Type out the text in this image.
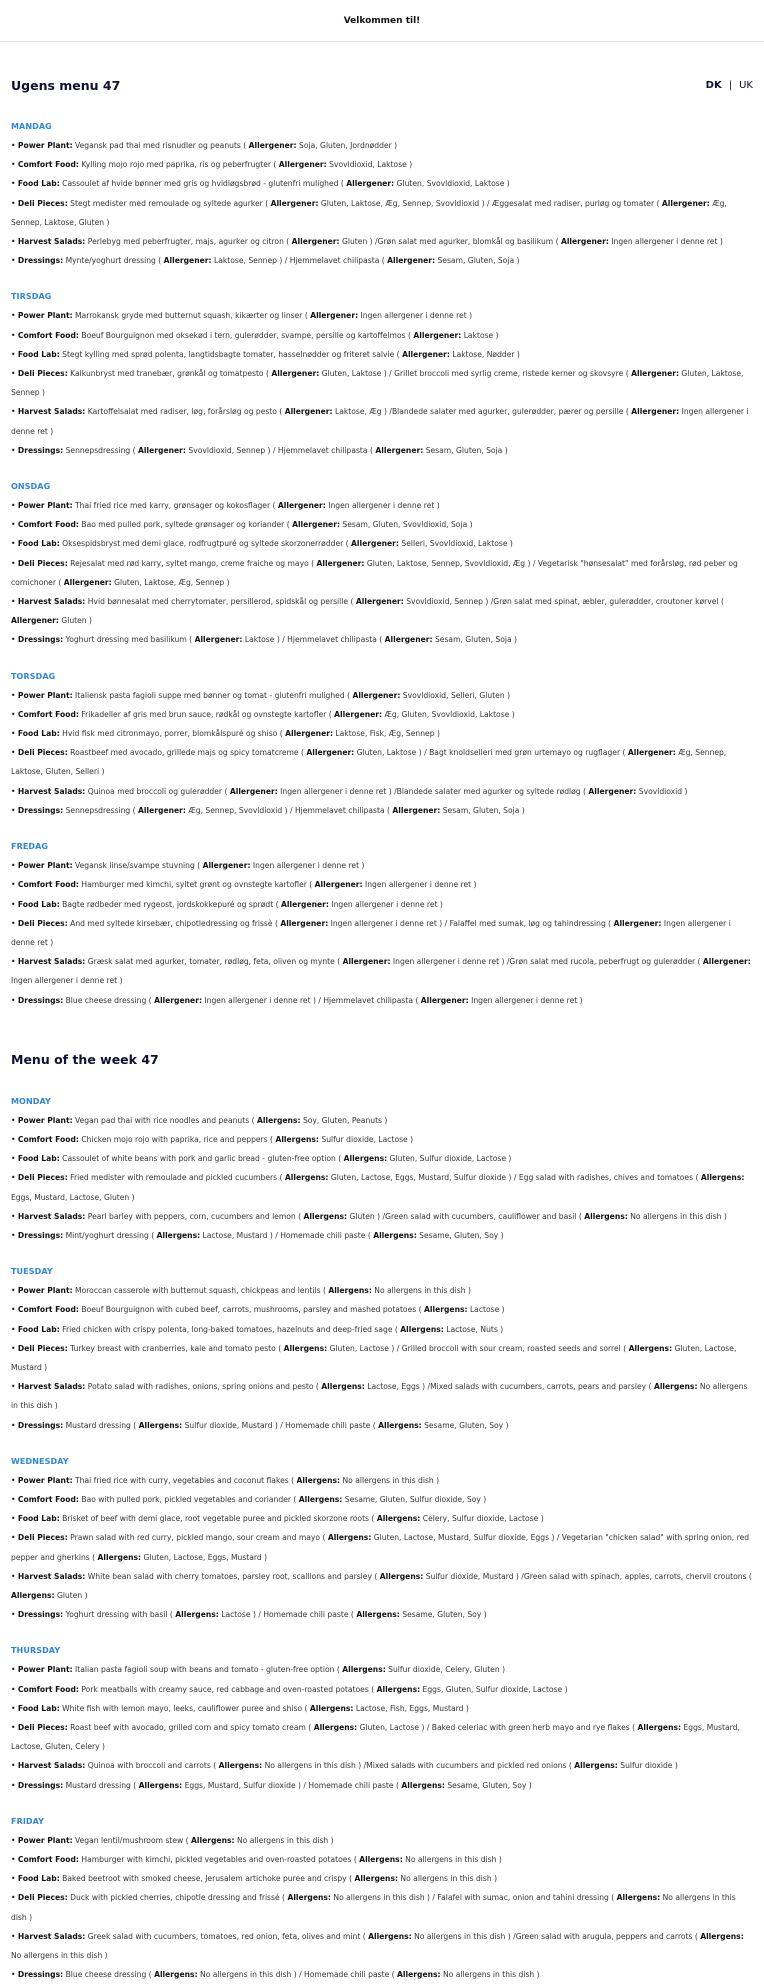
Velkommen til!
Ugens menu 47	DK | UK
MANDAG
• Power Plant: Vegansk pad thai med risnudler og peanuts ( Allergener: Soja, Gluten, Jordnødder )
• Comfort Food: Kylling mojo rojo med paprika, ris og peberfrugter ( Allergener: Svovldioxid, Laktose )
• Food Lab: Cassoulet af hvide bønner med gris og hvidløgsbrød - glutenfri mulighed ( Allergener: Gluten, Svovldioxid, Laktose )
• Deli Pieces: Stegt medister med remoulade og syltede agurker ( Allergener: Gluten, Laktose, Æg, Sennep, Svovldioxid ) / Æggesalat med radiser, purløg og tomater ( Allergener: Æg, Sennep, Laktose, Gluten )
• Harvest Salads: Perlebyg med peberfrugter, majs, agurker og citron ( Allergener: Gluten ) /Grøn salat med agurker, blomkål og basilikum ( Allergener: Ingen allergener i denne ret )
• Dressings: Mynte/yoghurt dressing ( Allergener: Laktose, Sennep ) / Hjemmelavet chilipasta ( Allergener: Sesam, Gluten, Soja )
TIRSDAG
• Power Plant: Marrokansk gryde med butternut squash, kikærter og linser ( Allergener: Ingen allergener i denne ret )
• Comfort Food: Boeuf Bourguignon med oksekød i tern, gulerødder, svampe, persille og kartoffelmos ( Allergener: Laktose )
• Food Lab: Stegt kylling med sprød polenta, langtidsbagte tomater, hasselnødder og friteret salvie ( Allergener: Laktose, Nødder )
• Deli Pieces: Kalkunbryst med tranebær, grønkål og tomatpesto ( Allergener: Gluten, Laktose ) / Grillet broccoli med syrlig creme, ristede kerner og skovsyre ( Allergener: Gluten, Laktose, Sennep )
• Harvest Salads: Kartoffelsalat med radiser, løg, forårsløg og pesto ( Allergener: Laktose, Æg ) /Blandede salater med agurker, gulerødder, pærer og persille ( Allergener: Ingen allergener i denne ret )
• Dressings: Sennepsdressing ( Allergener: Svovldioxid, Sennep ) / Hjemmelavet chilipasta ( Allergener: Sesam, Gluten, Soja )
ONSDAG
• Power Plant: Thai fried rice med karry, grønsager og kokosflager ( Allergener: Ingen allergener i denne ret )
• Comfort Food: Bao med pulled pork, syltede grønsager og koriander ( Allergener: Sesam, Gluten, Svovldioxid, Soja )
• Food Lab: Oksespidsbryst med demi glace, rodfrugtpuré og syltede skorzonerrødder ( Allergener: Selleri, Svovldioxid, Laktose )
• Deli Pieces: Rejesalat med rød karry, syltet mango, creme fraiche og mayo ( Allergener: Gluten, Laktose, Sennep, Svovldioxid, Æg ) / Vegetarisk "hønsesalat" med forårsløg, rød peber og cornichoner ( Allergener: Gluten, Laktose, Æg, Sennep )
• Harvest Salads: Hvid bønnesalat med cherrytomater, persillerod, spidskål og persille ( Allergener: Svovldioxid, Sennep ) /Grøn salat med spinat, æbler, gulerødder, croutoner kørvel ( Allergener: Gluten )
• Dressings: Yoghurt dressing med basilikum ( Allergener: Laktose ) / Hjemmelavet chilipasta ( Allergener: Sesam, Gluten, Soja )
TORSDAG
• Power Plant: Italiensk pasta fagioli suppe med bønner og tomat - glutenfri mulighed ( Allergener: Svovldioxid, Selleri, Gluten )
• Comfort Food: Frikadeller af gris med brun sauce, rødkål og ovnstegte kartofler ( Allergener: Æg, Gluten, Svovldioxid, Laktose )
• Food Lab: Hvid fisk med citronmayo, porrer, blomkålspuré og shiso ( Allergener: Laktose, Fisk, Æg, Sennep )
• Deli Pieces: Roastbeef med avocado, grillede majs og spicy tomatcreme ( Allergener: Gluten, Laktose ) / Bagt knoldselleri med grøn urtemayo og rugflager ( Allergener: Æg, Sennep, Laktose, Gluten, Selleri )
• Harvest Salads: Quinoa med broccoli og gulerødder ( Allergener: Ingen allergener i denne ret ) /Blandede salater med agurker og syltede rødløg ( Allergener: Svovldioxid )
• Dressings: Sennepsdressing ( Allergener: Æg, Sennep, Svovldioxid ) / Hjemmelavet chilipasta ( Allergener: Sesam, Gluten, Soja )
FREDAG
• Power Plant: Vegansk linse/svampe stuvning ( Allergener: Ingen allergener i denne ret )
• Comfort Food: Hamburger med kimchi, syltet grønt og ovnstegte kartofler ( Allergener: Ingen allergener i denne ret )
• Food Lab: Bagte rødbeder med rygeost, jordskokkepuré og sprødt ( Allergener: Ingen allergener i denne ret )
• Deli Pieces: And med syltede kirsebær, chipotledressing og frissè ( Allergener: Ingen allergener i denne ret ) / Falaffel med sumak, løg og tahindressing ( Allergener: Ingen allergener i denne ret )
• Harvest Salads: Græsk salat med agurker, tomater, rødløg, feta, oliven og mynte ( Allergener: Ingen allergener i denne ret ) /Grøn salat med rucola, peberfrugt og gulerødder ( Allergener: Ingen allergener i denne ret )
• Dressings: Blue cheese dressing ( Allergener: Ingen allergener i denne ret ) / Hjemmelavet chilipasta ( Allergener: Ingen allergener i denne ret )
Menu of the week 47
MONDAY
• Power Plant: Vegan pad thai with rice noodles and peanuts ( Allergens: Soy, Gluten, Peanuts )
• Comfort Food: Chicken mojo rojo with paprika, rice and peppers ( Allergens: Sulfur dioxide, Lactose )
• Food Lab: Cassoulet of white beans with pork and garlic bread - gluten-free option ( Allergens: Gluten, Sulfur dioxide, Lactose )
• Deli Pieces: Fried medister with remoulade and pickled cucumbers ( Allergens: Gluten, Lactose, Eggs, Mustard, Sulfur dioxide ) / Egg salad with radishes, chives and tomatoes ( Allergens: Eggs, Mustard, Lactose, Gluten )
• Harvest Salads: Pearl barley with peppers, corn, cucumbers and lemon ( Allergens: Gluten ) /Green salad with cucumbers, cauliflower and basil ( Allergens: No allergens in this dish )
• Dressings: Mint/yoghurt dressing ( Allergens: Lactose, Mustard ) / Homemade chili paste ( Allergens: Sesame, Gluten, Soy )
TUESDAY
• Power Plant: Moroccan casserole with butternut squash, chickpeas and lentils ( Allergens: No allergens in this dish )
• Comfort Food: Boeuf Bourguignon with cubed beef, carrots, mushrooms, parsley and mashed potatoes ( Allergens: Lactose )
• Food Lab: Fried chicken with crispy polenta, long-baked tomatoes, hazelnuts and deep-fried sage ( Allergens: Lactose, Nuts )
• Deli Pieces: Turkey breast with cranberries, kale and tomato pesto ( Allergens: Gluten, Lactose ) / Grilled broccoli with sour cream, roasted seeds and sorrel ( Allergens: Gluten, Lactose, Mustard )
• Harvest Salads: Potato salad with radishes, onions, spring onions and pesto ( Allergens: Lactose, Eggs ) /Mixed salads with cucumbers, carrots, pears and parsley ( Allergens: No allergens in this dish )
• Dressings: Mustard dressing ( Allergens: Sulfur dioxide, Mustard ) / Homemade chili paste ( Allergens: Sesame, Gluten, Soy )
WEDNESDAY
• Power Plant: Thai fried rice with curry, vegetables and coconut flakes ( Allergens: No allergens in this dish )
• Comfort Food: Bao with pulled pork, pickled vegetables and coriander ( Allergens: Sesame, Gluten, Sulfur dioxide, Soy )
• Food Lab: Brisket of beef with demi glace, root vegetable puree and pickled skorzone roots ( Allergens: Celery, Sulfur dioxide, Lactose )
• Deli Pieces: Prawn salad with red curry, pickled mango, sour cream and mayo ( Allergens: Gluten, Lactose, Mustard, Sulfur dioxide, Eggs ) / Vegetarian "chicken salad" with spring onion, red pepper and gherkins ( Allergens: Gluten, Lactose, Eggs, Mustard )
• Harvest Salads: White bean salad with cherry tomatoes, parsley root, scallions and parsley ( Allergens: Sulfur dioxide, Mustard ) /Green salad with spinach, apples, carrots, chervil croutons ( Allergens: Gluten )
• Dressings: Yoghurt dressing with basil ( Allergens: Lactose ) / Homemade chili paste ( Allergens: Sesame, Gluten, Soy )
THURSDAY
• Power Plant: Italian pasta fagioli soup with beans and tomato - gluten-free option ( Allergens: Sulfur dioxide, Celery, Gluten )
• Comfort Food: Pork meatballs with creamy sauce, red cabbage and oven-roasted potatoes ( Allergens: Eggs, Gluten, Sulfur dioxide, Lactose )
• Food Lab: White fish with lemon mayo, leeks, cauliflower puree and shiso ( Allergens: Lactose, Fish, Eggs, Mustard )
• Deli Pieces: Roast beef with avocado, grilled corn and spicy tomato cream ( Allergens: Gluten, Lactose ) / Baked celeriac with green herb mayo and rye flakes ( Allergens: Eggs, Mustard, Lactose, Gluten, Celery )
• Harvest Salads: Quinoa with broccoli and carrots ( Allergens: No allergens in this dish ) /Mixed salads with cucumbers and pickled red onions ( Allergens: Sulfur dioxide )
• Dressings: Mustard dressing ( Allergens: Eggs, Mustard, Sulfur dioxide ) / Homemade chili paste ( Allergens: Sesame, Gluten, Soy )
FRIDAY
• Power Plant: Vegan lentil/mushroom stew ( Allergens: No allergens in this dish )
• Comfort Food: Hamburger with kimchi, pickled vegetables and oven-roasted potatoes ( Allergens: No allergens in this dish )
• Food Lab: Baked beetroot with smoked cheese, Jerusalem artichoke puree and crispy ( Allergens: No allergens in this dish )
• Deli Pieces: Duck with pickled cherries, chipotle dressing and frissé ( Allergens: No allergens in this dish ) / Falafel with sumac, onion and tahini dressing ( Allergens: No allergens in this dish )
• Harvest Salads: Greek salad with cucumbers, tomatoes, red onion, feta, olives and mint ( Allergens: No allergens in this dish ) /Green salad with arugula, peppers and carrots ( Allergens: No allergens in this dish )
• Dressings: Blue cheese dressing ( Allergens: No allergens in this dish ) / Homemade chili paste ( Allergens: No allergens in this dish )
